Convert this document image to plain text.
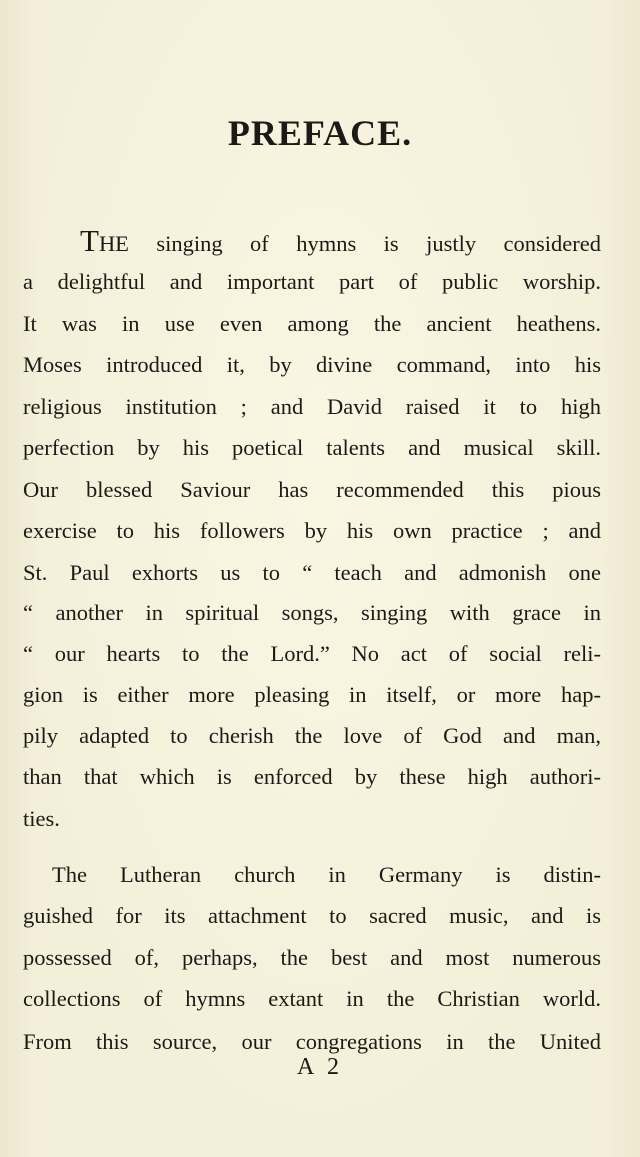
PREFACE.
THE singing of hymns is justly considered
a delightful and important part of public worship.
It was in use even among the ancient heathens.
Moses introduced it, by divine command, into his
religious institution ; and David raised it to high
perfection by his poetical talents and musical skill.
Our blessed Saviour has recommended this pious
exercise to his followers by his own practice ; and
St. Paul exhorts us to “ teach and admonish one
“ another in spiritual songs, singing with grace in
“ our hearts to the Lord.” No act of social reli-
gion is either more pleasing in itself, or more hap-
pily adapted to cherish the love of God and man,
than that which is enforced by these high authori-
ties.
The Lutheran church in Germany is distin-
guished for its attachment to sacred music, and is
possessed of, perhaps, the best and most numerous
collections of hymns extant in the Christian world.
From this source, our congregations in the United
A 2
